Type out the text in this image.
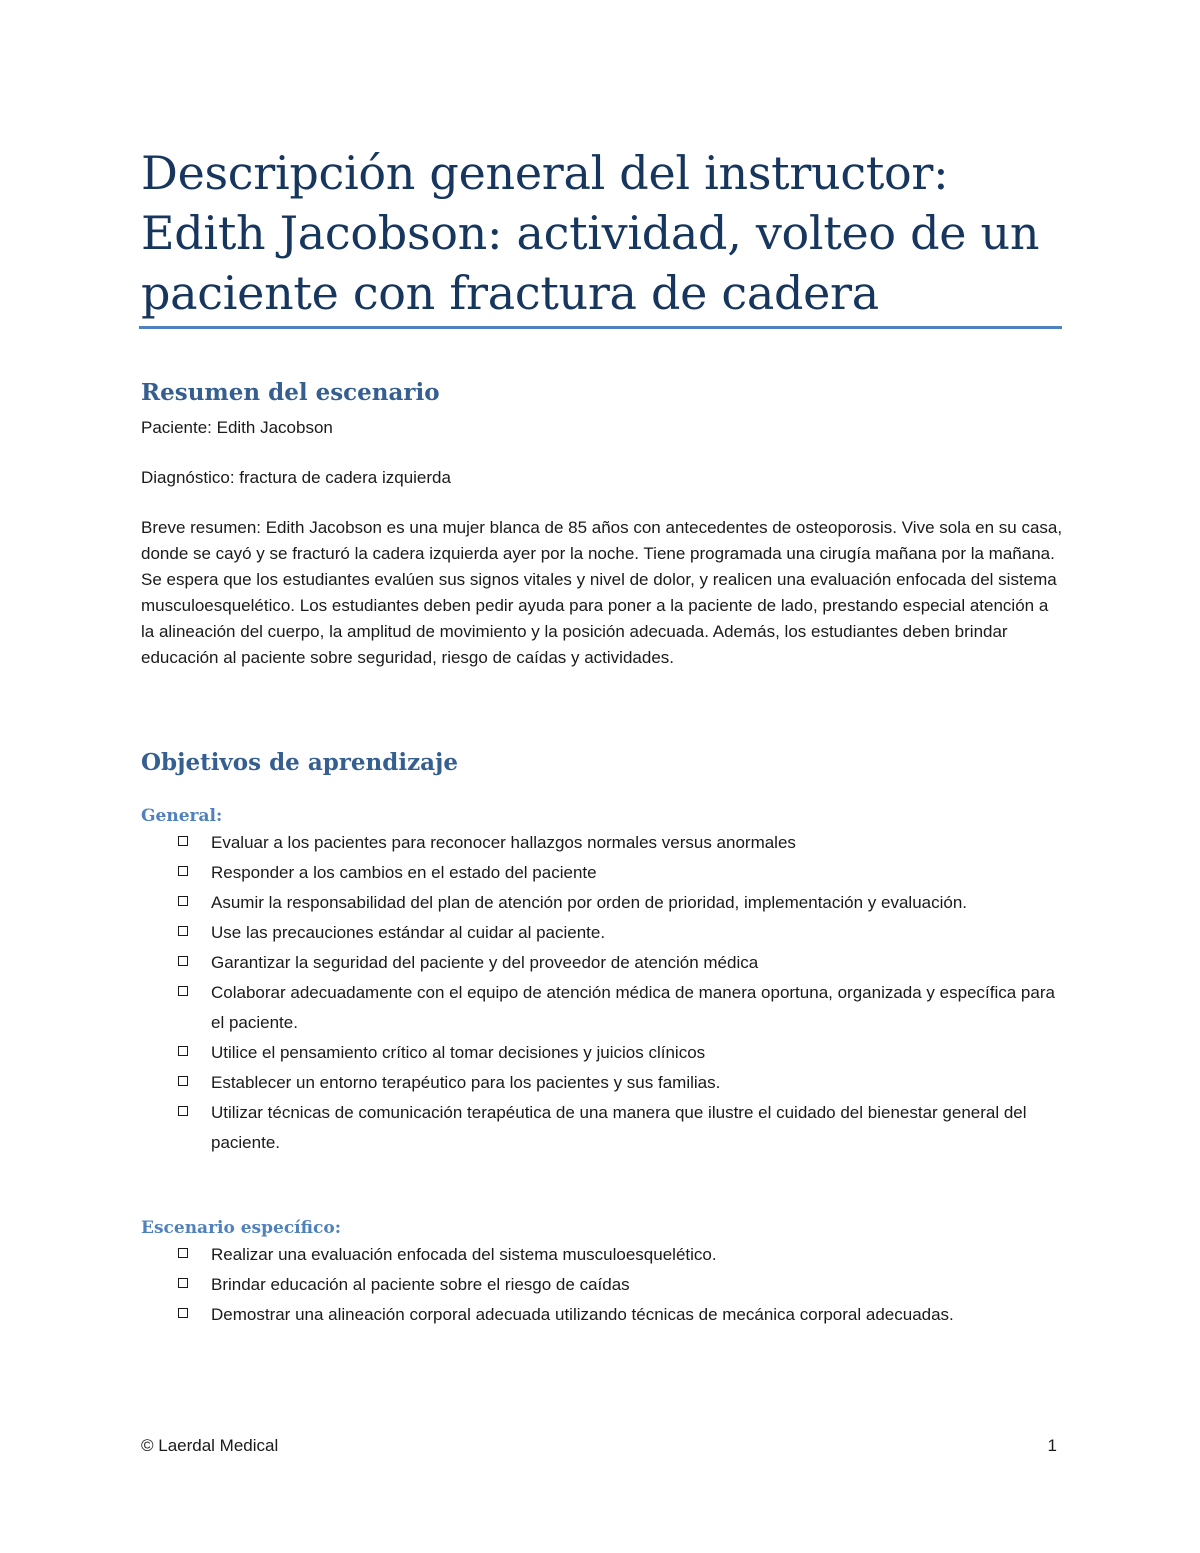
Descripción general del instructor: Edith Jacobson: actividad, volteo de un paciente con fractura de cadera
Resumen del escenario

Paciente: Edith Jacobson

Diagnóstico: fractura de cadera izquierda

Breve resumen: Edith Jacobson es una mujer blanca de 85 años con antecedentes de osteoporosis. Vive sola en su casa, donde se cayó y se fracturó la cadera izquierda ayer por la noche. Tiene programada una cirugía mañana por la mañana. Se espera que los estudiantes evalúen sus signos vitales y nivel de dolor, y realicen una evaluación enfocada del sistema musculoesquelético. Los estudiantes deben pedir ayuda para poner a la paciente de lado, prestando especial atención a la alineación del cuerpo, la amplitud de movimiento y la posición adecuada. Además, los estudiantes deben brindar educación al paciente sobre seguridad, riesgo de caídas y actividades.

Objetivos de aprendizaje
General:
Evaluar a los pacientes para reconocer hallazgos normales versus anormales
Responder a los cambios en el estado del paciente
Asumir la responsabilidad del plan de atención por orden de prioridad, implementación y evaluación.
Use las precauciones estándar al cuidar al paciente.
Garantizar la seguridad del paciente y del proveedor de atención médica
Colaborar adecuadamente con el equipo de atención médica de manera oportuna, organizada y específica para el paciente.
Utilice el pensamiento crítico al tomar decisiones y juicios clínicos
Establecer un entorno terapéutico para los pacientes y sus familias.
Utilizar técnicas de comunicación terapéutica de una manera que ilustre el cuidado del bienestar general del paciente.
Escenario específico:
Realizar una evaluación enfocada del sistema musculoesquelético.
Brindar educación al paciente sobre el riesgo de caídas
Demostrar una alineación corporal adecuada utilizando técnicas de mecánica corporal adecuadas.
© Laerdal Medical	1
